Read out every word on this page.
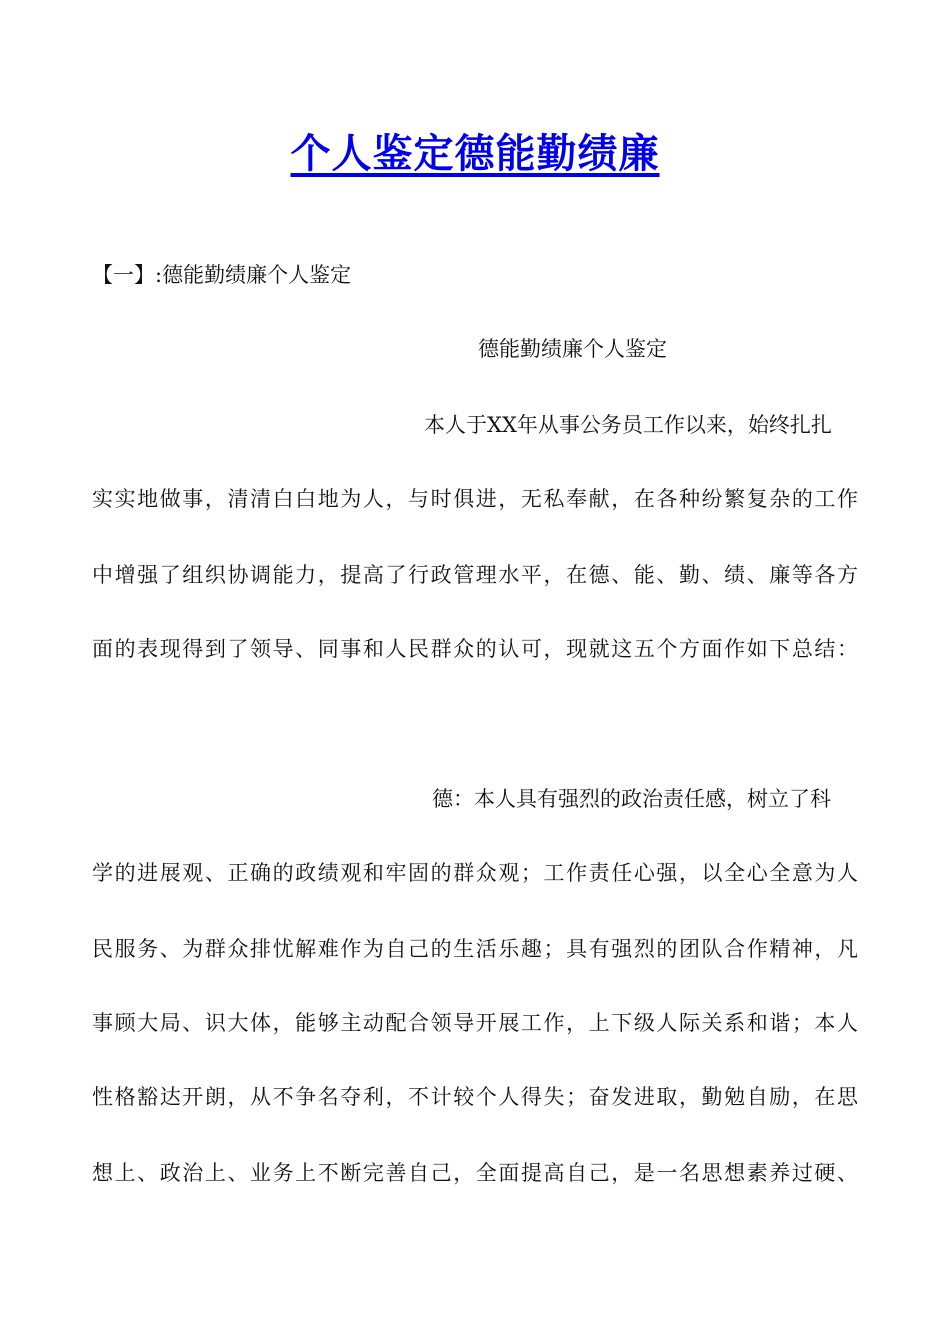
个人鉴定德能勤绩廉
【一】:德能勤绩廉个人鉴定
德能勤绩廉个人鉴定
本人于XX年从事公务员工作以来，始终扎扎
实实地做事，清清白白地为人，与时俱进，无私奉献，在各种纷繁复杂的工作
中增强了组织协调能力，提高了行政管理水平，在德、能、勤、绩、廉等各方
面的表现得到了领导、同事和人民群众的认可，现就这五个方面作如下总结：
德：本人具有强烈的政治责任感，树立了科
学的进展观、正确的政绩观和牢固的群众观；工作责任心强，以全心全意为人
民服务、为群众排忧解难作为自己的生活乐趣；具有强烈的团队合作精神，凡
事顾大局、识大体，能够主动配合领导开展工作，上下级人际关系和谐；本人
性格豁达开朗，从不争名夺利，不计较个人得失；奋发进取，勤勉自励，在思
想上、政治上、业务上不断完善自己，全面提高自己，是一名思想素养过硬、
